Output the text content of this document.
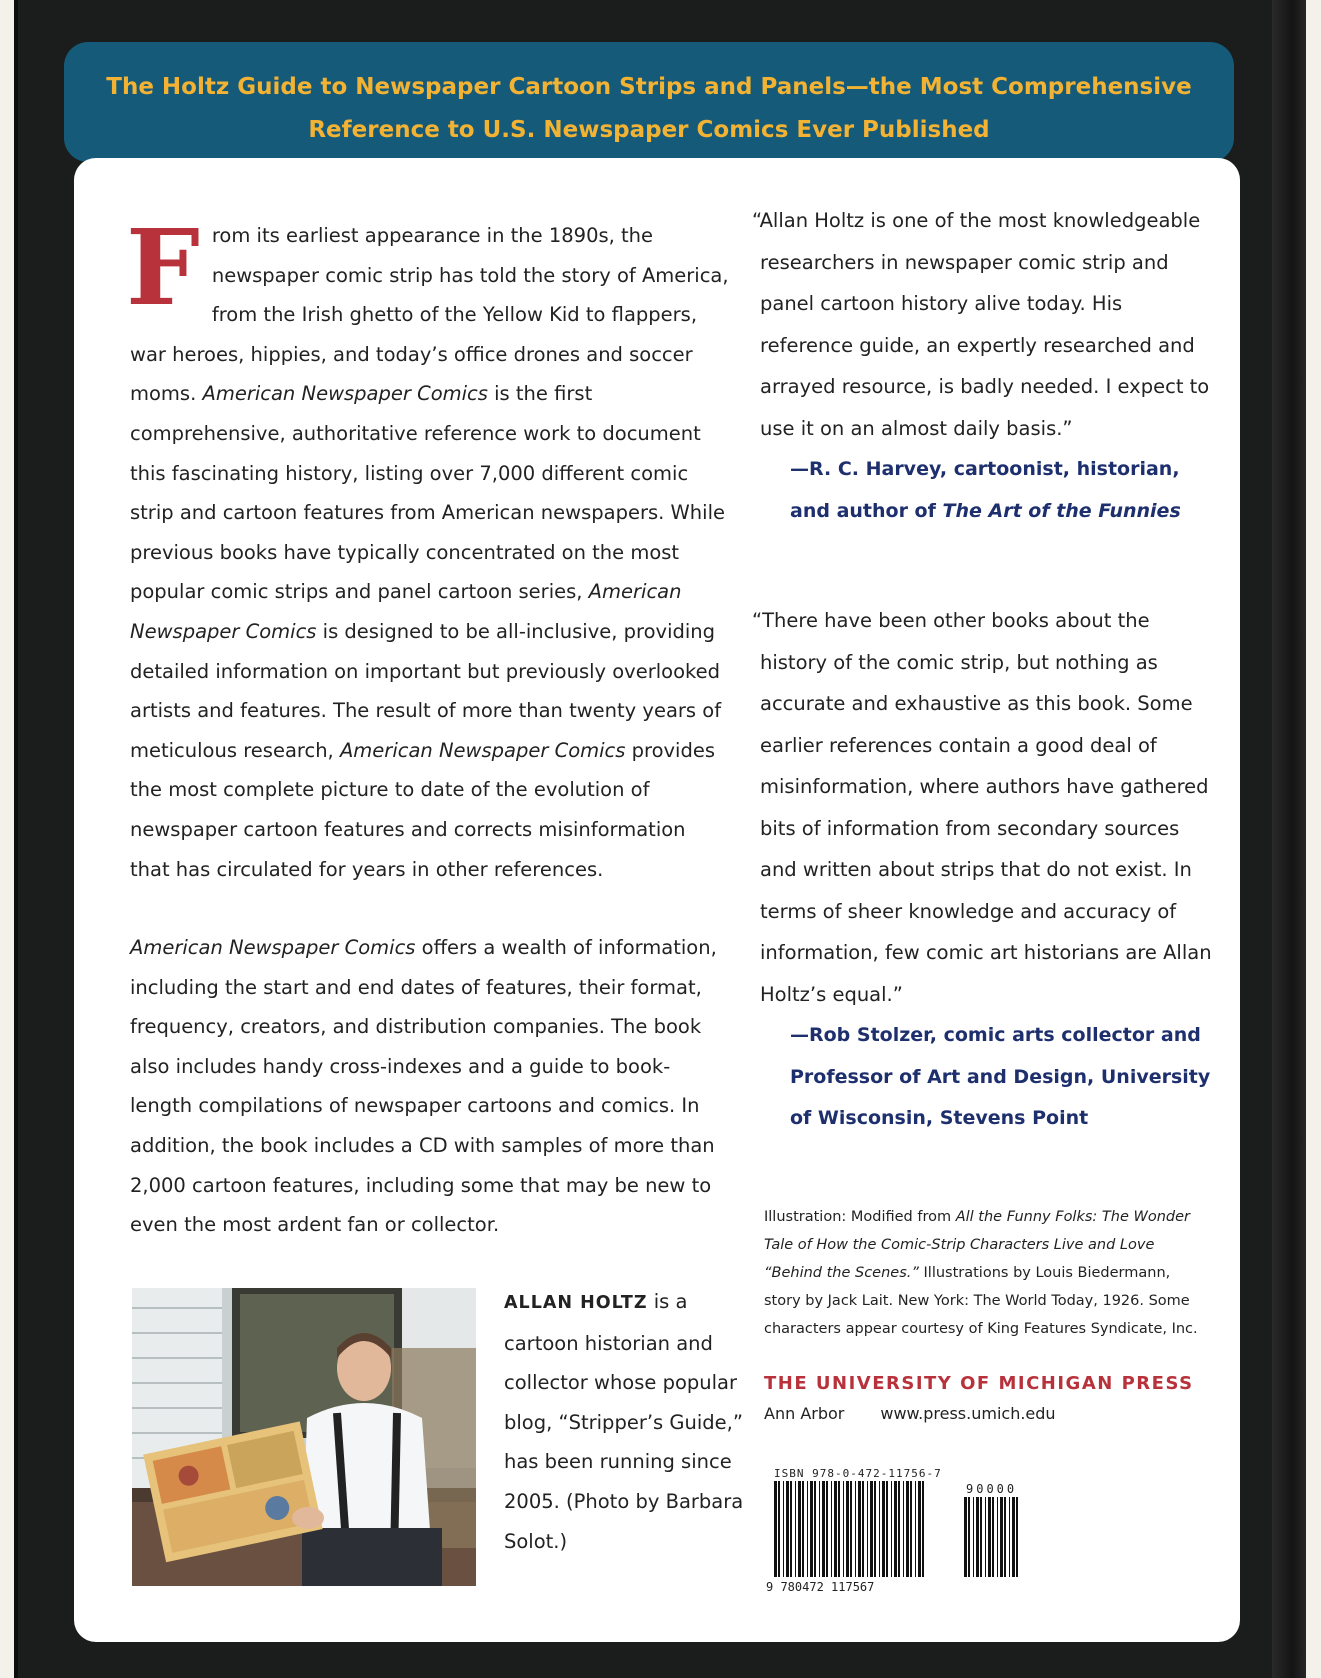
The Holtz Guide to Newspaper Cartoon Strips and Panels—the Most Comprehensive
Reference to U.S. Newspaper Comics Ever Published

From its earliest appearance in the 1890s, the newspaper comic strip has told the story of America, from the Irish ghetto of the Yellow Kid to flappers, war heroes, hippies, and today’s office drones and soccer moms. American Newspaper Comics is the first comprehensive, authoritative reference work to document this fascinating history, listing over 7,000 different comic strip and cartoon features from American newspapers. While previous books have typically concentrated on the most popular comic strips and panel cartoon series, American Newspaper Comics is designed to be all-inclusive, providing detailed information on important but previously overlooked artists and features. The result of more than twenty years of meticulous research, American Newspaper Comics provides the most complete picture to date of the evolution of newspaper cartoon features and corrects misinformation that has circulated for years in other references.

American Newspaper Comics offers a wealth of information, including the start and end dates of features, their format, frequency, creators, and distribution companies. The book also includes handy cross-indexes and a guide to book-length compilations of newspaper cartoons and comics. In addition, the book includes a CD with samples of more than 2,000 cartoon features, including some that may be new to even the most ardent fan or collector.

ALLAN HOLTZ is a cartoon historian and collector whose popular blog, “Stripper’s Guide,” has been running since 2005. (Photo by Barbara Solot.)

“Allan Holtz is one of the most knowledgeable researchers in newspaper comic strip and panel cartoon history alive today. His reference guide, an expertly researched and arrayed resource, is badly needed. I expect to use it on an almost daily basis.”

—R. C. Harvey, cartoonist, historian, and author of The Art of the Funnies

“There have been other books about the history of the comic strip, but nothing as accurate and exhaustive as this book. Some earlier references contain a good deal of misinformation, where authors have gathered bits of information from secondary sources and written about strips that do not exist. In terms of sheer knowledge and accuracy of information, few comic art historians are Allan Holtz’s equal.”

—Rob Stolzer, comic arts collector and Professor of Art and Design, University of Wisconsin, Stevens Point

Illustration: Modified from All the Funny Folks: The Wonder Tale of How the Comic-Strip Characters Live and Love “Behind the Scenes.” Illustrations by Louis Biedermann, story by Jack Lait. New York: The World Today, 1926. Some characters appear courtesy of King Features Syndicate, Inc.
THE UNIVERSITY OF MICHIGAN PRESS
Ann Arbor www.press.umich.edu
ISBN 978-0-472-11756-7
9 780472 117567
90000
